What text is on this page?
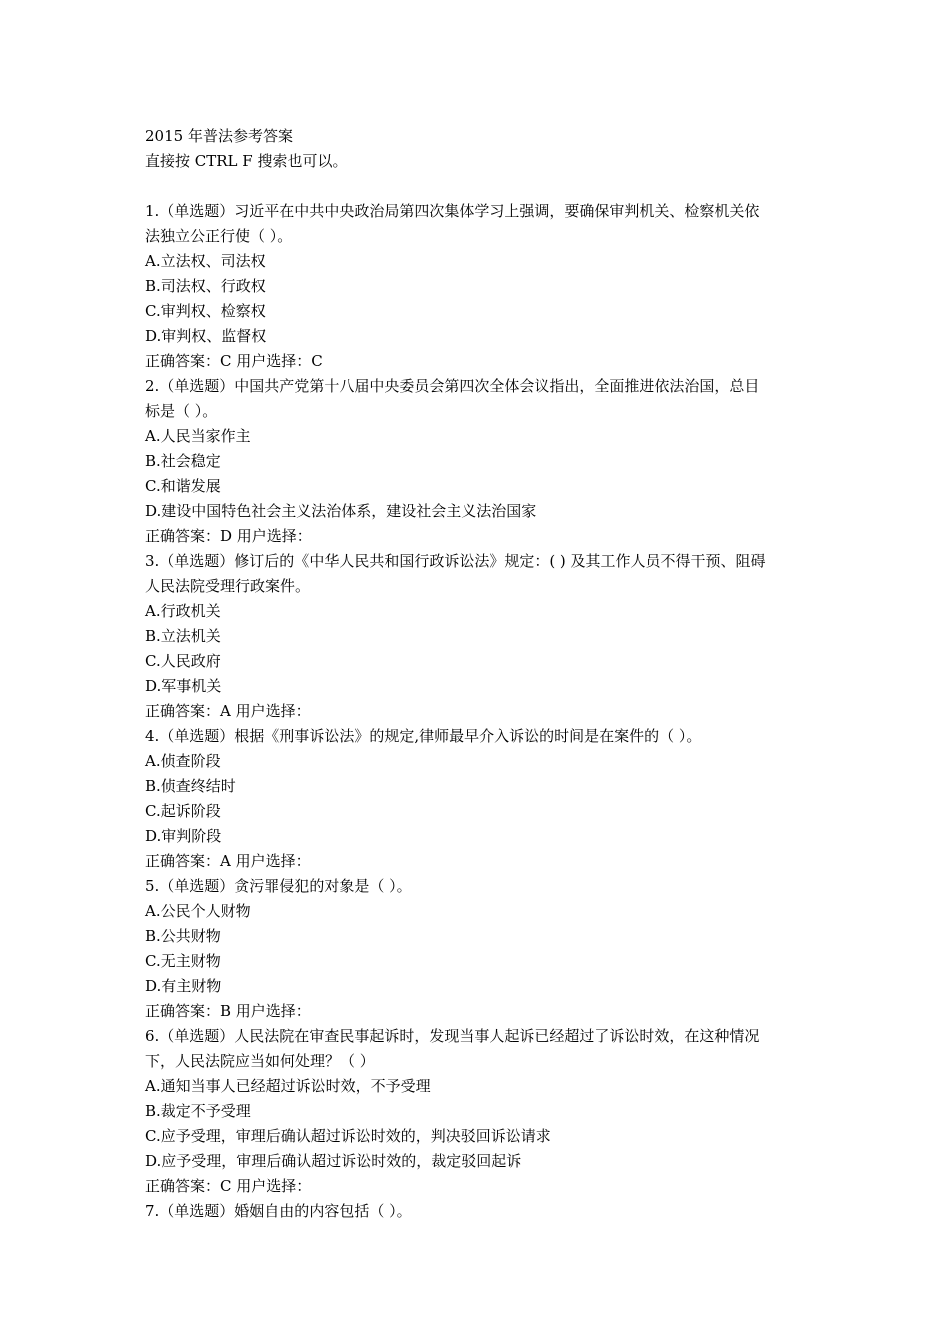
2015 年普法参考答案
直接按 CTRL F 搜索也可以。
1.（单选题）习近平在中共中央政治局第四次集体学习上强调，要确保审判机关、检察机关依
法独立公正行使（ ）。
A.立法权、司法权
B.司法权、行政权
C.审判权、检察权
D.审判权、监督权
正确答案：C 用户选择：C
2.（单选题）中国共产党第十八届中央委员会第四次全体会议指出，全面推进依法治国，总目
标是（ ）。
A.人民当家作主
B.社会稳定
C.和谐发展
D.建设中国特色社会主义法治体系，建设社会主义法治国家
正确答案：D 用户选择：
3.（单选题）修订后的《中华人民共和国行政诉讼法》规定：( ) 及其工作人员不得干预、阻碍
人民法院受理行政案件。
A.行政机关
B.立法机关
C.人民政府
D.军事机关
正确答案：A 用户选择：
4.（单选题）根据《刑事诉讼法》的规定,律师最早介入诉讼的时间是在案件的（ ）。
A.侦查阶段
B.侦查终结时
C.起诉阶段
D.审判阶段
正确答案：A 用户选择：
5.（单选题）贪污罪侵犯的对象是（ ）。
A.公民个人财物
B.公共财物
C.无主财物
D.有主财物
正确答案：B 用户选择：
6.（单选题）人民法院在审查民事起诉时，发现当事人起诉已经超过了诉讼时效，在这种情况
下，人民法院应当如何处理？（ ）
A.通知当事人已经超过诉讼时效，不予受理
B.裁定不予受理
C.应予受理，审理后确认超过诉讼时效的，判决驳回诉讼请求
D.应予受理，审理后确认超过诉讼时效的，裁定驳回起诉
正确答案：C 用户选择：
7.（单选题）婚姻自由的内容包括（ ）。
